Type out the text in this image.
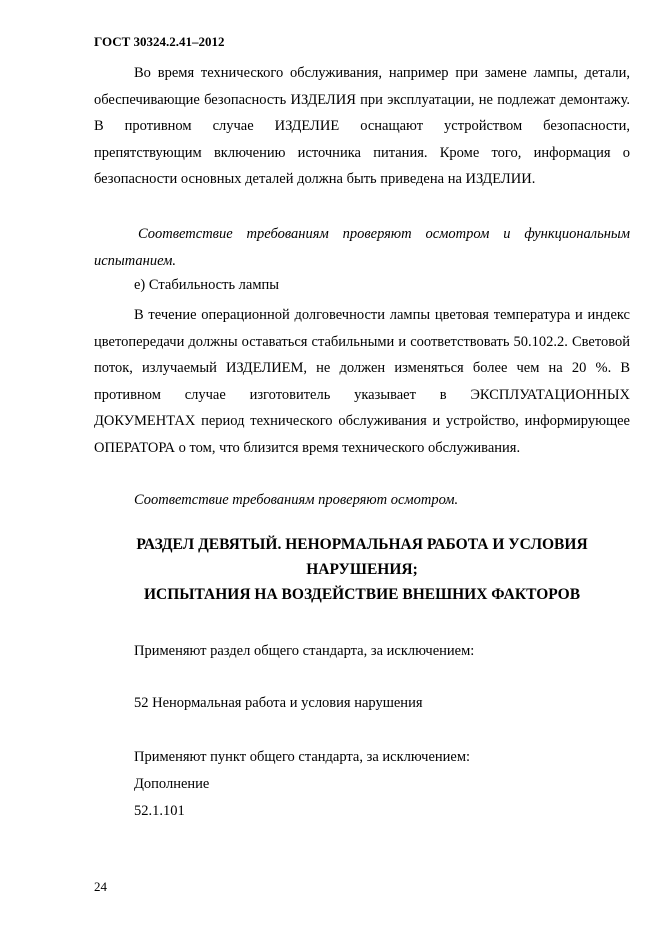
ГОСТ 30324.2.41–2012

Во время технического обслуживания, например при замене лампы, детали, обеспечивающие безопасность ИЗДЕЛИЯ при эксплуатации, не подлежат демонтажу. В противном случае ИЗДЕЛИЕ оснащают устройством безопасности, препятствующим включению источника питания. Кроме того, информация о безопасности основных деталей должна быть приведена на ИЗДЕЛИИ.

Соответствие требованиям проверяют осмотром и функциональным испытанием.

е) Стабильность лампы

В течение операционной долговечности лампы цветовая температура и индекс цветопередачи должны оставаться стабильными и соответствовать 50.102.2. Световой поток, излучаемый ИЗДЕЛИЕМ, не должен изменяться более чем на 20 %. В противном случае изготовитель указывает в ЭКСПЛУАТАЦИОННЫХ ДОКУМЕНТАХ период технического обслуживания и устройство, информирующее ОПЕРАТОРА о том, что близится время технического обслуживания.

Соответствие требованиям проверяют осмотром.
РАЗДЕЛ ДЕВЯТЫЙ. НЕНОРМАЛЬНАЯ РАБОТА И УСЛОВИЯ
НАРУШЕНИЯ;
ИСПЫТАНИЯ НА ВОЗДЕЙСТВИЕ ВНЕШНИХ ФАКТОРОВ
Применяют раздел общего стандарта, за исключением:
52 Ненормальная работа и условия нарушения
Применяют пункт общего стандарта, за исключением:
Дополнение
52.1.101
24
